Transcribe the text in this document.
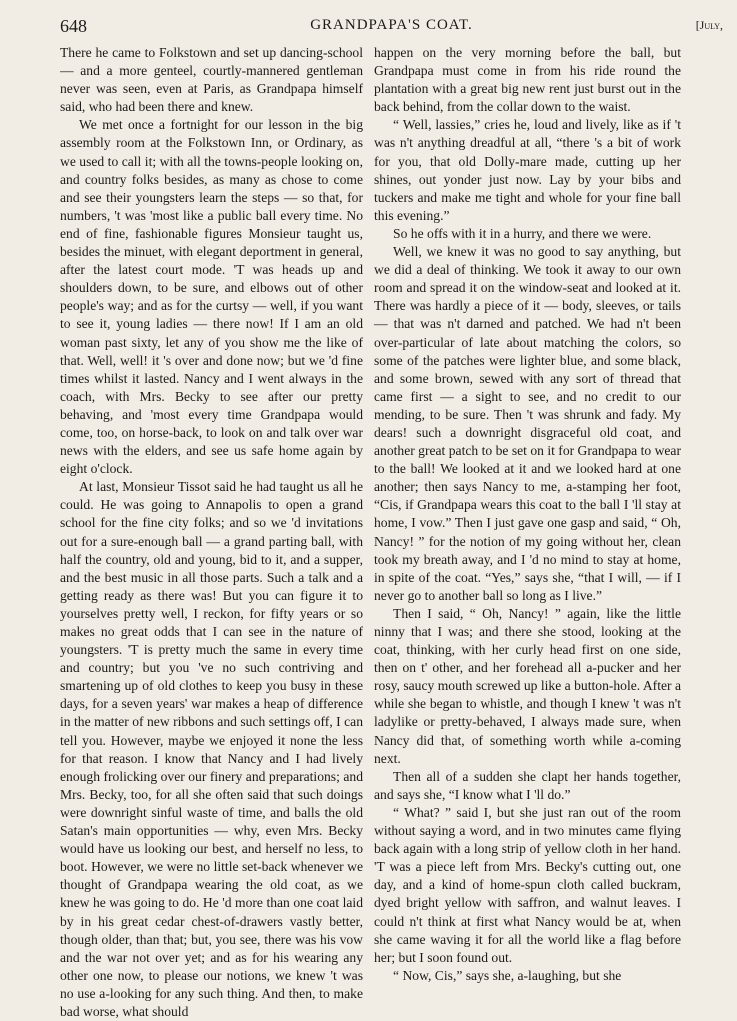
648	GRANDPAPA'S COAT.	[July,

There he came to Folkstown and set up dancing-school — and a more genteel, courtly-mannered gentleman never was seen, even at Paris, as Grandpapa himself said, who had been there and knew.

We met once a fortnight for our lesson in the big assembly room at the Folkstown Inn, or Ordinary, as we used to call it; with all the towns-people looking on, and country folks besides, as many as chose to come and see their youngsters learn the steps — so that, for numbers, 't was 'most like a public ball every time. No end of fine, fashionable figures Monsieur taught us, besides the minuet, with elegant deportment in general, after the latest court mode. 'T was heads up and shoulders down, to be sure, and elbows out of other people's way; and as for the curtsy — well, if you want to see it, young ladies — there now! If I am an old woman past sixty, let any of you show me the like of that. Well, well! it 's over and done now; but we 'd fine times whilst it lasted. Nancy and I went always in the coach, with Mrs. Becky to see after our pretty behaving, and 'most every time Grandpapa would come, too, on horse-back, to look on and talk over war news with the elders, and see us safe home again by eight o'clock.

At last, Monsieur Tissot said he had taught us all he could. He was going to Annapolis to open a grand school for the fine city folks; and so we 'd invitations out for a sure-enough ball — a grand parting ball, with half the country, old and young, bid to it, and a supper, and the best music in all those parts. Such a talk and a getting ready as there was! But you can figure it to yourselves pretty well, I reckon, for fifty years or so makes no great odds that I can see in the nature of youngsters. 'T is pretty much the same in every time and country; but you 've no such contriving and smartening up of old clothes to keep you busy in these days, for a seven years' war makes a heap of difference in the matter of new ribbons and such settings off, I can tell you. However, maybe we enjoyed it none the less for that reason. I know that Nancy and I had lively enough frolicking over our finery and preparations; and Mrs. Becky, too, for all she often said that such doings were downright sinful waste of time, and balls the old Satan's main opportunities — why, even Mrs. Becky would have us looking our best, and herself no less, to boot. However, we were no little set-back whenever we thought of Grandpapa wearing the old coat, as we knew he was going to do. He 'd more than one coat laid by in his great cedar chest-of-drawers vastly better, though older, than that; but, you see, there was his vow and the war not over yet; and as for his wearing any other one now, to please our notions, we knew 't was no use a-looking for any such thing. And then, to make bad worse, what should

happen on the very morning before the ball, but Grandpapa must come in from his ride round the plantation with a great big new rent just burst out in the back behind, from the collar down to the waist.

“ Well, lassies,” cries he, loud and lively, like as if 't was n't anything dreadful at all, “there 's a bit of work for you, that old Dolly-mare made, cutting up her shines, out yonder just now. Lay by your bibs and tuckers and make me tight and whole for your fine ball this evening.”

So he offs with it in a hurry, and there we were.

Well, we knew it was no good to say anything, but we did a deal of thinking. We took it away to our own room and spread it on the window-seat and looked at it. There was hardly a piece of it — body, sleeves, or tails — that was n't darned and patched. We had n't been over-particular of late about matching the colors, so some of the patches were lighter blue, and some black, and some brown, sewed with any sort of thread that came first — a sight to see, and no credit to our mending, to be sure. Then 't was shrunk and fady. My dears! such a downright disgraceful old coat, and another great patch to be set on it for Grandpapa to wear to the ball! We looked at it and we looked hard at one another; then says Nancy to me, a-stamping her foot, “Cis, if Grandpapa wears this coat to the ball I 'll stay at home, I vow.” Then I just gave one gasp and said, “ Oh, Nancy! ” for the notion of my going without her, clean took my breath away, and I 'd no mind to stay at home, in spite of the coat. “Yes,” says she, “that I will, — if I never go to another ball so long as I live.”

Then I said, “ Oh, Nancy! ” again, like the little ninny that I was; and there she stood, looking at the coat, thinking, with her curly head first on one side, then on t' other, and her forehead all a-pucker and her rosy, saucy mouth screwed up like a button-hole. After a while she began to whistle, and though I knew 't was n't ladylike or pretty-behaved, I always made sure, when Nancy did that, of something worth while a-coming next.

Then all of a sudden she clapt her hands together, and says she, “I know what I 'll do.”

“ What? ” said I, but she just ran out of the room without saying a word, and in two minutes came flying back again with a long strip of yellow cloth in her hand. 'T was a piece left from Mrs. Becky's cutting out, one day, and a kind of home-spun cloth called buckram, dyed bright yellow with saffron, and walnut leaves. I could n't think at first what Nancy would be at, when she came waving it for all the world like a flag before her; but I soon found out.

“ Now, Cis,” says she, a-laughing, but she
